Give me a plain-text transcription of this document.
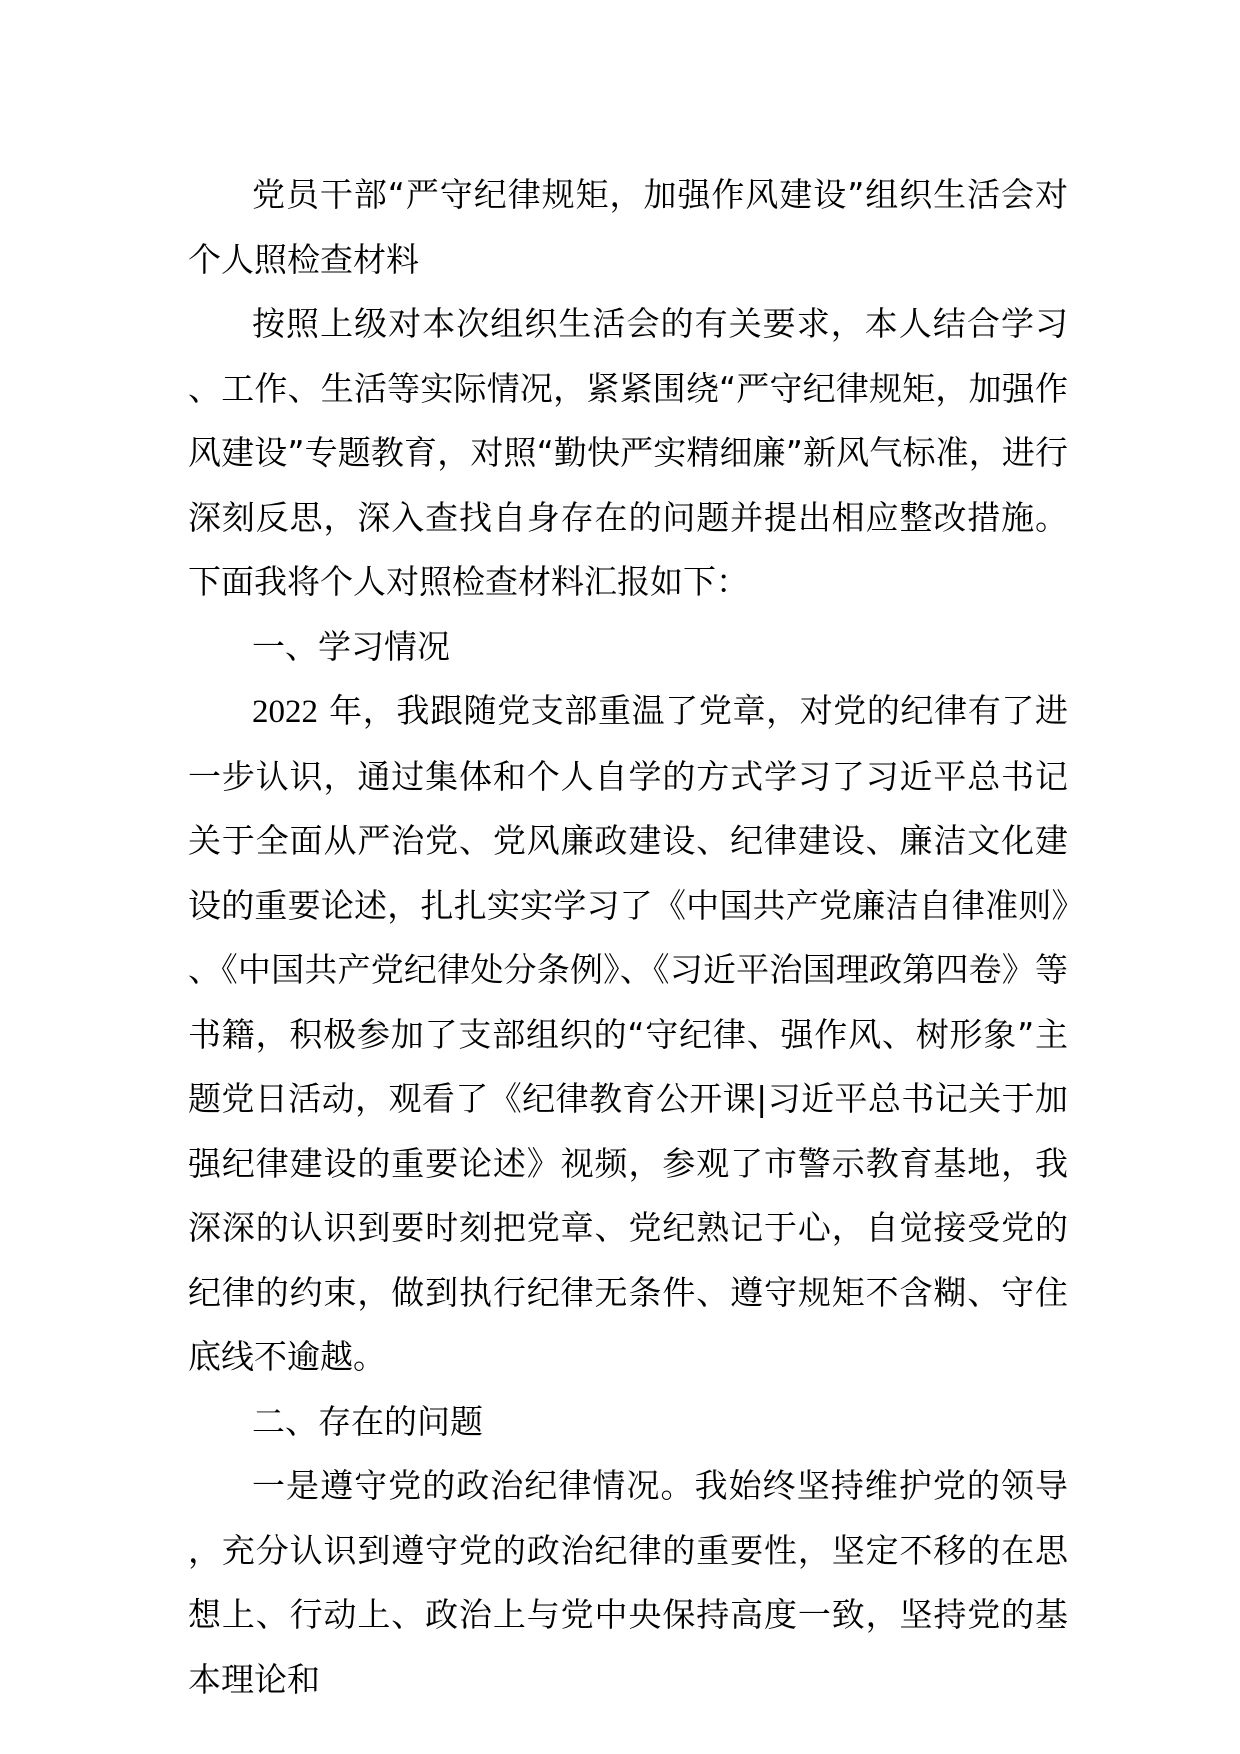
党员干部“严守纪律规矩，加强作风建设”组织生活会对个人照检查材料

按照上级对本次组织生活会的有关要求，本人结合学习、工作、生活等实际情况，紧紧围绕“严守纪律规矩，加强作风建设”专题教育，对照“勤快严实精细廉”新风气标准，进行深刻反思，深入查找自身存在的问题并提出相应整改措施。下面我将个人对照检查材料汇报如下：

一、学习情况

2022 年，我跟随党支部重温了党章，对党的纪律有了进一步认识，通过集体和个人自学的方式学习了习近平总书记关于全面从严治党、党风廉政建设、纪律建设、廉洁文化建设的重要论述，扎扎实实学习了《中国共产党廉洁自律准则》、《中国共产党纪律处分条例》、《习近平治国理政第四卷》等书籍，积极参加了支部组织的“守纪律、强作风、树形象”主题党日活动，观看了《纪律教育公开课|习近平总书记关于加强纪律建设的重要论述》视频，参观了市警示教育基地，我深深的认识到要时刻把党章、党纪熟记于心，自觉接受党的纪律的约束，做到执行纪律无条件、遵守规矩不含糊、守住底线不逾越。

二、存在的问题

一是遵守党的政治纪律情况。我始终坚持维护党的领导，充分认识到遵守党的政治纪律的重要性，坚定不移的在思想上、行动上、政治上与党中央保持高度一致，坚持党的基本理论和
